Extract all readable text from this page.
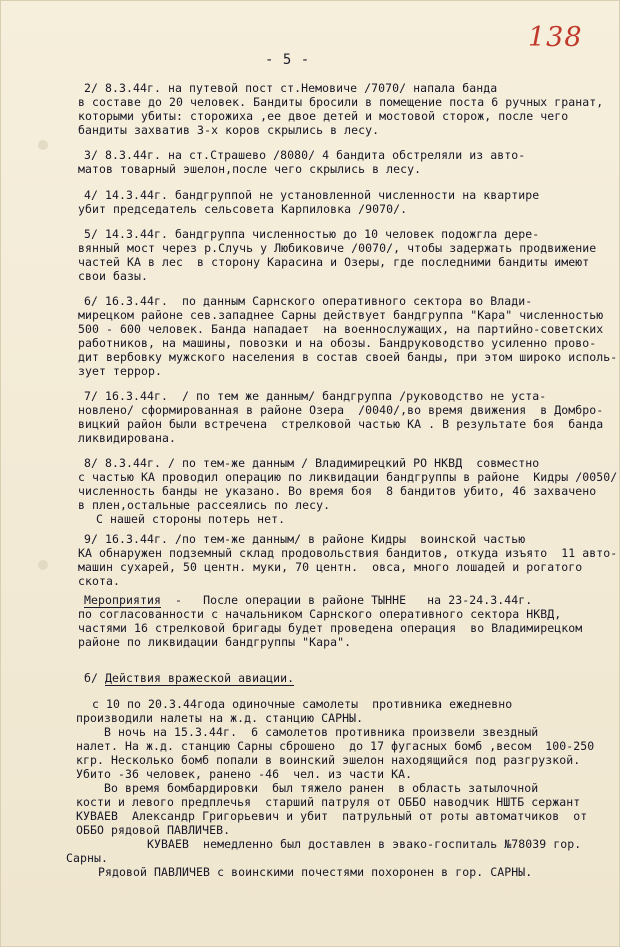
138
- 5 -
2/ 8.3.44г. на путевой пост ст.Немовиче /7070/ напала банда
в составе до 20 человек. Бандиты бросили в помещение поста 6 ручных гранат,
которыми убиты: сторожиха ,ее двое детей и мостовой сторож, после чего
бандиты захватив 3-х коров скрылись в лесу.
3/ 8.3.44г. на ст.Страшево /8080/ 4 бандита обстреляли из авто-
матов товарный эшелон,после чего скрылись в лесу.
4/ 14.3.44г. бандгруппой не установленной численности на квартире
убит председатель сельсовета Карпиловка /9070/.
5/ 14.3.44г. бандгруппа численностью до 10 человек подожгла дере-
вянный мост через р.Случь у Любиковиче /0070/, чтобы задержать продвижение
частей КА в лес  в сторону Карасина и Озеры, где последними бандиты имеют
свои базы.
6/ 16.3.44г.  по данным Сарнского оперативного сектора во Влади-
мирецком районе сев.западнее Сарны действует бандгруппа "Кара" численностью
500 - 600 человек. Банда нападает  на военнослужащих, на партийно-советских
работников, на машины, повозки и на обозы. Бандруководство усиленно прово-
дит вербовку мужского населения в состав своей банды, при этом широко исполь-
зует террор.
7/ 16.3.44г.  / по тем же данным/ бандгруппа /руководство не уста-
новлено/ сформированная в районе Озера  /0040/,во время движения  в Домбро-
вицкий район были встречена  стрелковой частью КА . В результате боя  банда
ликвидирована.
8/ 8.3.44г. / по тем-же данным / Владимирецкий РО НКВД  совместно
с частью КА проводил операцию по ликвидации бандгруппы в районе  Кидры /0050/
численность банды не указано. Во время боя  8 бандитов убито, 46 захвачено
в плен,остальные рассеялись по лесу.
С нашей стороны потерь нет.
9/ 16.3.44г. /по тем-же данным/ в районе Кидры  воинской частью
КА обнаружен подземный склад продовольствия бандитов, откуда изъято  11 авто-
машин сухарей, 50 центн. муки, 70 центн.  овса, много лошадей и рогатого
скота.
Мероприятия  -   После операции в районе ТЫННЕ   на 23-24.3.44г.
по согласованности с начальником Сарнского оперативного сектора НКВД,
частями 16 стрелковой бригады будет проведена операция  во Владимирецком
районе по ликвидации бандгруппы "Кара".
б/ Действия вражеской авиации.
с 10 по 20.3.44года одиночные самолеты  противника ежедневно
производили налеты на ж.д. станцию САРНЫ.
В ночь на 15.3.44г.  6 самолетов противника произвели звездный
налет. На ж.д. станцию Сарны сброшено  до 17 фугасных бомб ,весом  100-250
кгр. Несколько бомб попали в воинский эшелон находящийся под разгрузкой.
Убито -36 человек, ранено -46  чел. из части КА.
Во время бомбардировки  был тяжело ранен  в область затылочной
кости и левого предплечья  старший патруля от ОББО наводчик НШТБ сержант
КУВАЕВ  Александр Григорьевич и убит  патрульный от роты автоматчиков  от
ОББО рядовой ПАВЛИЧЕВ.
КУВАЕВ  немедленно был доставлен в эвако-госпиталь №78039 гор.
Сарны.
Рядовой ПАВЛИЧЕВ с воинскими почестями похоронен в гор. САРНЫ.
